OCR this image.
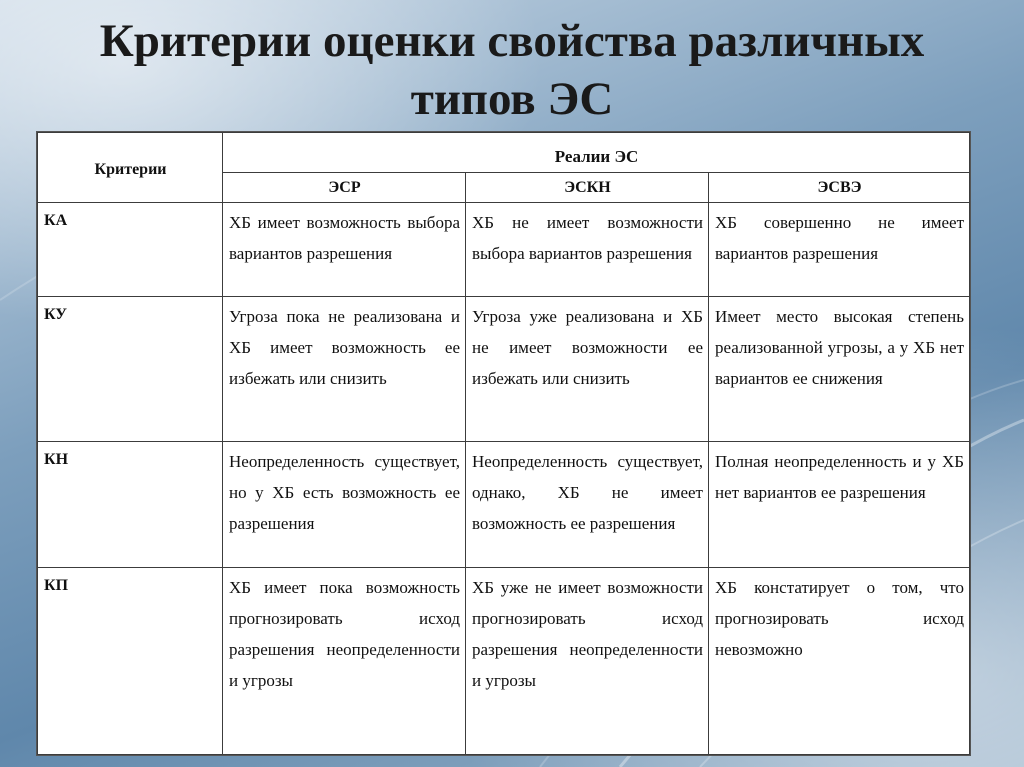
Критерии оценки свойства различных
типов ЭС
Критерии	Реалии ЭС		
	ЭСР	ЭСКН	ЭСВЭ
КА	ХБ имеет возможность выбора вариантов разрешения	ХБ не имеет возможности выбора вариантов разрешения	ХБ совершенно не имеет вариантов разрешения
КУ	Угроза пока не реализована и ХБ имеет возможность ее избежать или снизить	Угроза уже реализована и ХБ не имеет возможности ее избежать или снизить	Имеет место высокая степень реализованной угрозы, а у ХБ нет вариантов ее снижения
КН	Неопределенность существует, но у ХБ есть возможность ее разрешения	Неопределенность существует, однако, ХБ не имеет возможность ее разрешения	Полная неопределенность и у ХБ нет вариантов ее разрешения
КП	ХБ имеет пока возможность прогнозировать исход разрешения неопределенности и угрозы	ХБ уже не имеет возможности прогнозировать исход разрешения неопределенности и угрозы	ХБ констатирует о том, что прогнозировать исход невозможно
